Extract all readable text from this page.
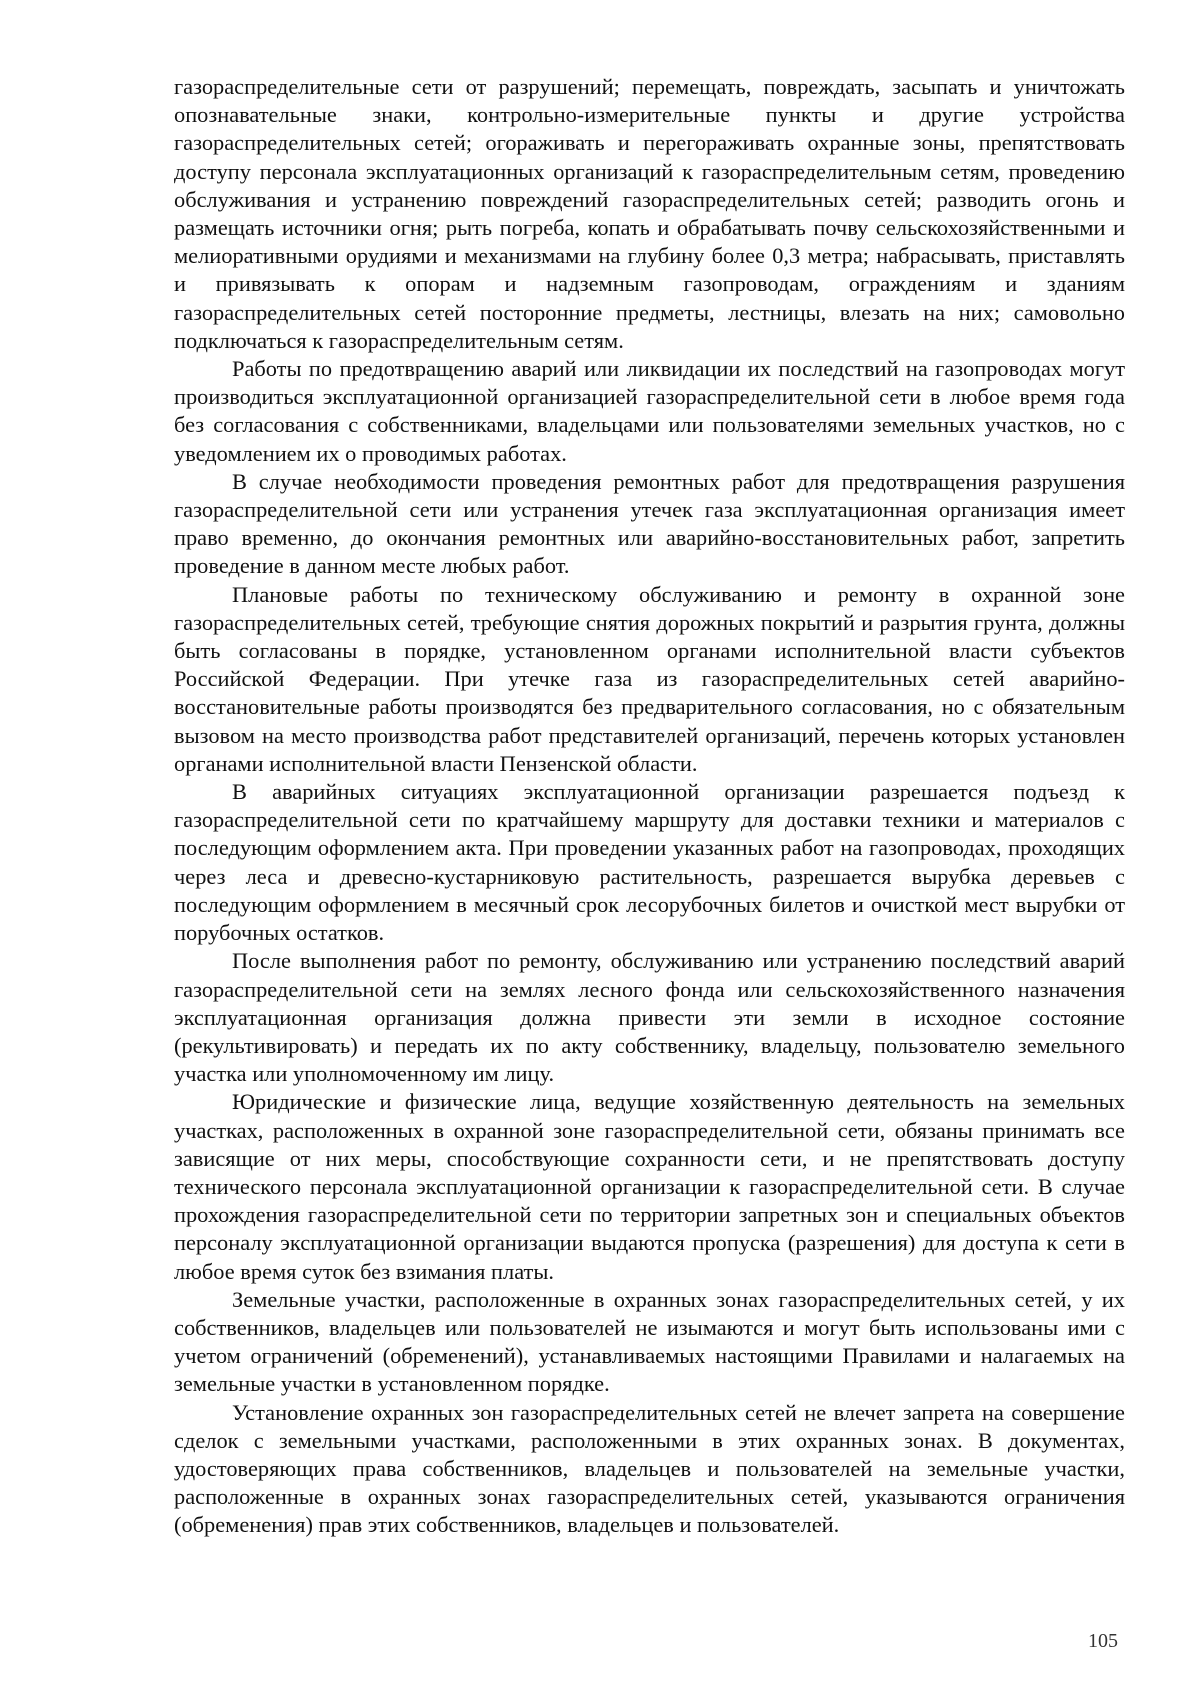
газораспределительные сети от разрушений; перемещать, повреждать, засыпать и уничтожать опознавательные знаки, контрольно-измерительные пункты и другие устройства газораспределительных сетей; огораживать и перегораживать охранные зоны, препятствовать доступу персонала эксплуатационных организаций к газораспределительным сетям, проведению обслуживания и устранению повреждений газораспределительных сетей; разводить огонь и размещать источники огня; рыть погреба, копать и обрабатывать почву сельскохозяйственными и мелиоративными орудиями и механизмами на глубину более 0,3 метра; набрасывать, приставлять и привязывать к опорам и надземным газопроводам, ограждениям и зданиям газораспределительных сетей посторонние предметы, лестницы, влезать на них; самовольно подключаться к газораспределительным сетям.

Работы по предотвращению аварий или ликвидации их последствий на газопроводах могут производиться эксплуатационной организацией газораспределительной сети в любое время года без согласования с собственниками, владельцами или пользователями земельных участков, но с уведомлением их о проводимых работах.

В случае необходимости проведения ремонтных работ для предотвращения разрушения газораспределительной сети или устранения утечек газа эксплуатационная организация имеет право временно, до окончания ремонтных или аварийно-восстановительных работ, запретить проведение в данном месте любых работ.

Плановые работы по техническому обслуживанию и ремонту в охранной зоне газораспределительных сетей, требующие снятия дорожных покрытий и разрытия грунта, должны быть согласованы в порядке, установленном органами исполнительной власти субъектов Российской Федерации. При утечке газа из газораспределительных сетей аварийно-восстановительные работы производятся без предварительного согласования, но с обязательным вызовом на место производства работ представителей организаций, перечень которых установлен органами исполнительной власти Пензенской области.

В аварийных ситуациях эксплуатационной организации разрешается подъезд к газораспределительной сети по кратчайшему маршруту для доставки техники и материалов с последующим оформлением акта. При проведении указанных работ на газопроводах, проходящих через леса и древесно-кустарниковую растительность, разрешается вырубка деревьев с последующим оформлением в месячный срок лесорубочных билетов и очисткой мест вырубки от порубочных остатков.

После выполнения работ по ремонту, обслуживанию или устранению последствий аварий газораспределительной сети на землях лесного фонда или сельскохозяйственного назначения эксплуатационная организация должна привести эти земли в исходное состояние (рекультивировать) и передать их по акту собственнику, владельцу, пользователю земельного участка или уполномоченному им лицу.

Юридические и физические лица, ведущие хозяйственную деятельность на земельных участках, расположенных в охранной зоне газораспределительной сети, обязаны принимать все зависящие от них меры, способствующие сохранности сети, и не препятствовать доступу технического персонала эксплуатационной организации к газораспределительной сети. В случае прохождения газораспределительной сети по территории запретных зон и специальных объектов персоналу эксплуатационной организации выдаются пропуска (разрешения) для доступа к сети в любое время суток без взимания платы.

Земельные участки, расположенные в охранных зонах газораспределительных сетей, у их собственников, владельцев или пользователей не изымаются и могут быть использованы ими с учетом ограничений (обременений), устанавливаемых настоящими Правилами и налагаемых на земельные участки в установленном порядке.

Установление охранных зон газораспределительных сетей не влечет запрета на совершение сделок с земельными участками, расположенными в этих охранных зонах. В документах, удостоверяющих права собственников, владельцев и пользователей на земельные участки, расположенные в охранных зонах газораспределительных сетей, указываются ограничения (обременения) прав этих собственников, владельцев и пользователей.

105
